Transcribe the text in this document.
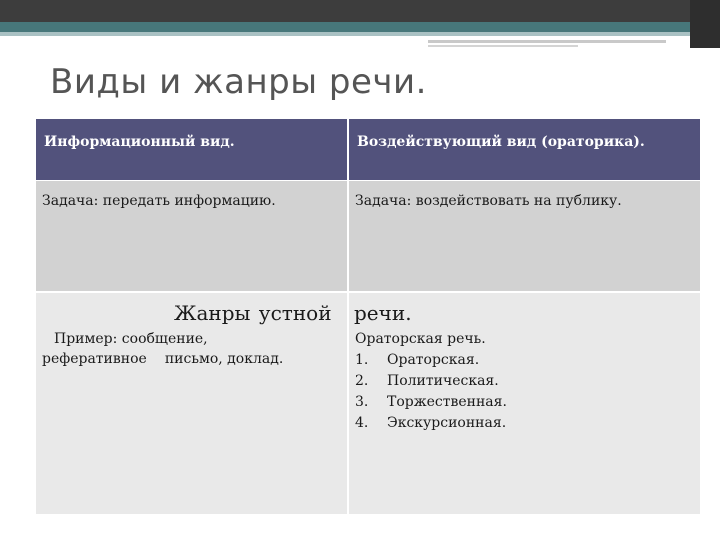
Виды и жанры речи.
Информационный вид.	Воздействующий вид (ораторика).
Задача: передать информацию.	Задача: воздействовать на публику.
Пример: сообщение,
реферативное письмо, доклад.
Ораторская речь.
1. Ораторская.
2. Политическая.
3. Торжественная.
4. Экскурсионная.
Жанры устной речи.
